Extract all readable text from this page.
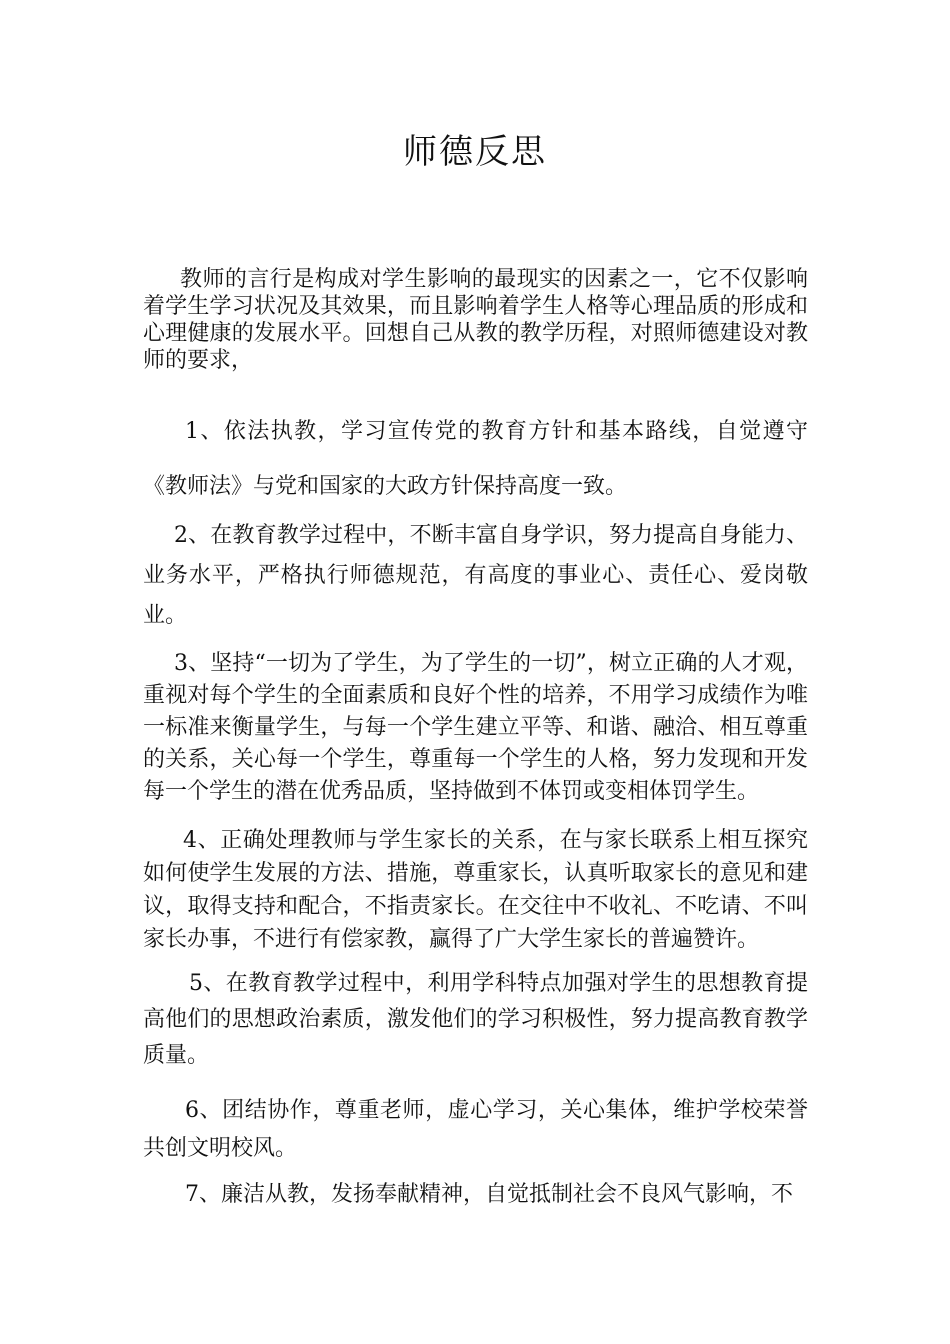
师德反思

教师的言行是构成对学生影响的最现实的因素之一，它不仅影响着学生学习状况及其效果，而且影响着学生人格等心理品质的形成和心理健康的发展水平。回想自己从教的教学历程，对照师德建设对教师的要求，

1、依法执教，学习宣传党的教育方针和基本路线，自觉遵守《教师法》与党和国家的大政方针保持高度一致。

2、在教育教学过程中，不断丰富自身学识，努力提高自身能力、业务水平，严格执行师德规范，有高度的事业心、责任心、爱岗敬业。

3、坚持“一切为了学生，为了学生的一切”，树立正确的人才观，重视对每个学生的全面素质和良好个性的培养，不用学习成绩作为唯一标准来衡量学生，与每一个学生建立平等、和谐、融洽、相互尊重的关系，关心每一个学生，尊重每一个学生的人格，努力发现和开发每一个学生的潜在优秀品质，坚持做到不体罚或变相体罚学生。

4、正确处理教师与学生家长的关系，在与家长联系上相互探究如何使学生发展的方法、措施，尊重家长，认真听取家长的意见和建议，取得支持和配合，不指责家长。在交往中不收礼、不吃请、不叫家长办事，不进行有偿家教，赢得了广大学生家长的普遍赞许。

5、在教育教学过程中，利用学科特点加强对学生的思想教育提高他们的思想政治素质，激发他们的学习积极性，努力提高教育教学质量。

6、团结协作，尊重老师，虚心学习，关心集体，维护学校荣誉共创文明校风。

7、廉洁从教，发扬奉献精神，自觉抵制社会不良风气影响，不
